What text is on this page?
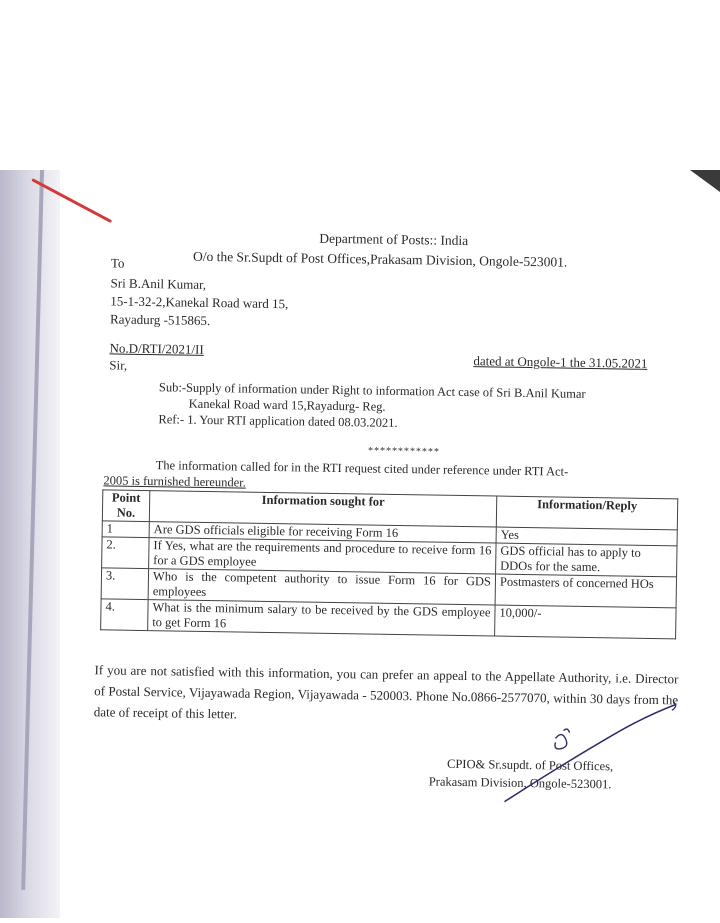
Department of Posts:: India
O/o the Sr.Supdt of Post Offices,Prakasam Division, Ongole-523001.
To
Sri B.Anil Kumar,
15-1-32-2,Kanekal Road ward 15,
Rayadurg -515865.
No.D/RTI/2021/II
dated at Ongole-1 the 31.05.2021
Sir,
Sub:-Supply of information under Right to information Act case of Sri B.Anil Kumar
Kanekal Road ward 15,Rayadurg- Reg.
Ref:- 1. Your RTI application dated 08.03.2021.
************
The information called for in the RTI request cited under reference under RTI Act-
2005 is furnished hereunder.
Point No.	Information sought for	Information/Reply
1	Are GDS officials eligible for receiving Form 16	Yes
2.	If Yes, what are the requirements and procedure to receive form 16 for a GDS employee	GDS official has to apply to DDOs for the same.
3.	Who is the competent authority to issue Form 16 for GDS employees	Postmasters of concerned HOs
4.	What is the minimum salary to be received by the GDS employee to get Form 16	10,000/-
If you are not satisfied with this information, you can prefer an appeal to the Appellate Authority, i.e. Director of Postal Service, Vijayawada Region, Vijayawada - 520003. Phone No.0866-2577070, within 30 days from the date of receipt of this letter.
CPIO& Sr.supdt. of Post Offices,
Prakasam Division, Ongole-523001.
